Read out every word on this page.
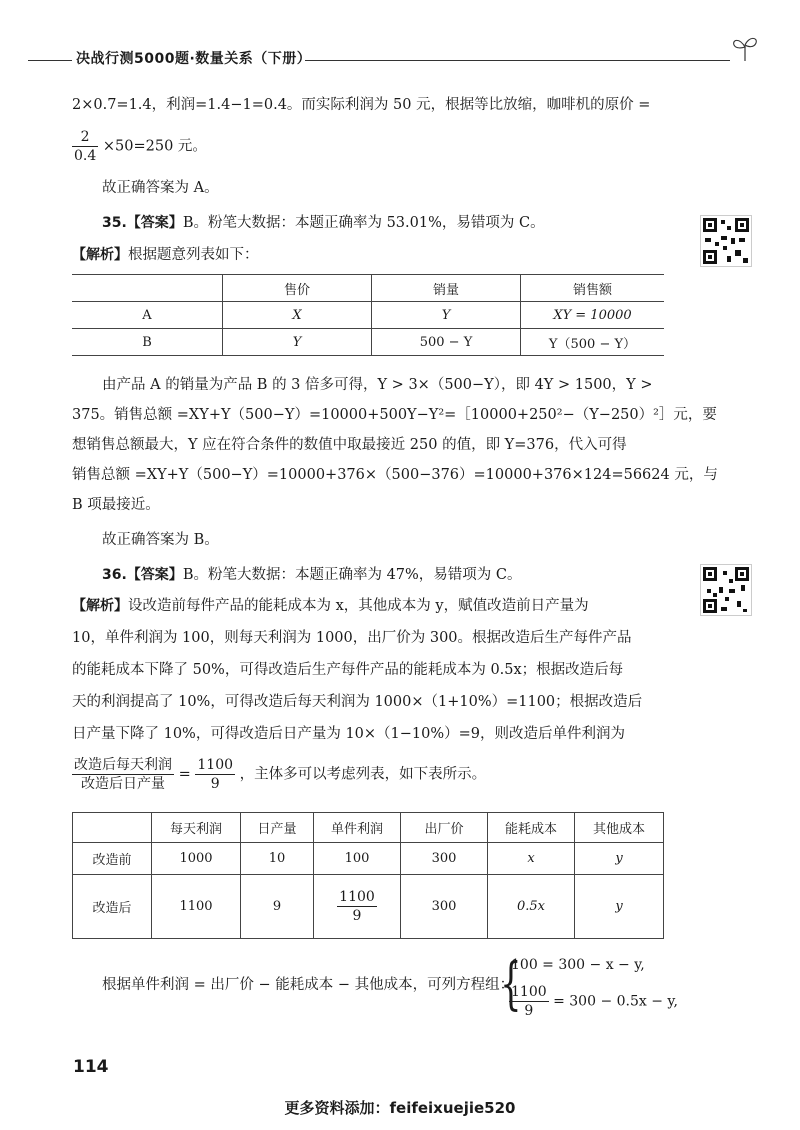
决战行测5000题·数量关系（下册）
2×0.7=1.4，利润=1.4−1=0.4。而实际利润为 50 元，根据等比放缩，咖啡机的原价 =
$\frac{2}{0.4} \times 50=250$ 元。
故正确答案为 A。
35.【答案】B。粉笔大数据：本题正确率为 53.01%，易错项为 C。
【解析】根据题意列表如下：
	售价	销量	销售额
A	X	Y	XY = 10000
B	Y	500 − Y	Y（500 − Y）
由产品 A 的销量为产品 B 的 3 倍多可得，Y > 3×（500−Y），即 4Y > 1500，Y >
375。销售总额 =XY+Y（500−Y）=10000+500Y−Y²=［10000+250²−（Y−250）²］元，要
想销售总额最大，Y 应在符合条件的数值中取最接近 250 的值，即 Y=376，代入可得
销售总额 =XY+Y（500−Y）=10000+376×（500−376）=10000+376×124=56624 元，与
B 项最接近。
故正确答案为 B。
36.【答案】B。粉笔大数据：本题正确率为 47%，易错项为 C。
【解析】设改造前每件产品的能耗成本为 x，其他成本为 y，赋值改造前日产量为
10，单件利润为 100，则每天利润为 1000，出厂价为 300。根据改造后生产每件产品
的能耗成本下降了 50%，可得改造后生产每件产品的能耗成本为 0.5x；根据改造后每
天的利润提高了 10%，可得改造后每天利润为 1000×（1+10%）=1100；根据改造后
日产量下降了 10%，可得改造后日产量为 10×（1−10%）=9，则改造后单件利润为
$\frac{\text{改造后每天利润}}{\text{改造后日产量}} = \frac{1100}{9}$ ，主体多可以考虑列表，如下表所示。
	每天利润	日产量	单件利润	出厂价	能耗成本	其他成本
改造前	1000	10	100	300	x	y
改造后	1100	9	$\frac{1100}{9}$	300	0.5x	y
根据单件利润 = 出厂价 − 能耗成本 − 其他成本，可列方程组：
{
100 = 300 − x − y,
$\frac{1100}{9} = 300 - 0.5x - y$,
114
更多资料添加：feifeixuejie520
